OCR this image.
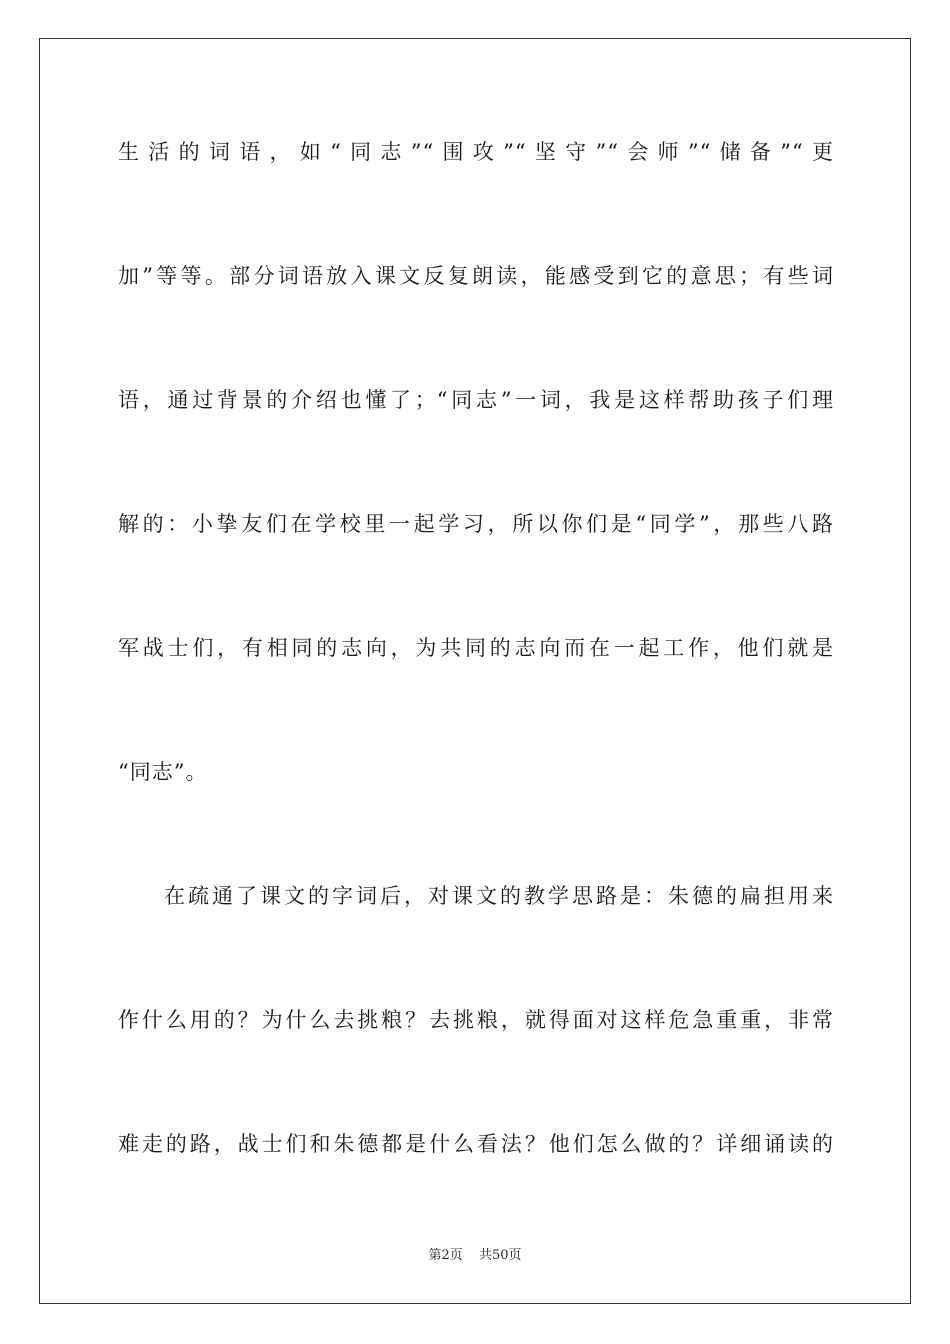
生活的词语，如“同志”“围攻”“坚守”“会师”“储备”“更
加”等等。部分词语放入课文反复朗读，能感受到它的意思；有些词
语，通过背景的介绍也懂了；“同志”一词，我是这样帮助孩子们理
解的：小挚友们在学校里一起学习，所以你们是“同学”，那些八路
军战士们，有相同的志向，为共同的志向而在一起工作，他们就是
“同志”。
在疏通了课文的字词后，对课文的教学思路是：朱德的扁担用来
作什么用的？为什么去挑粮？去挑粮，就得面对这样危急重重，非常
难走的路，战士们和朱德都是什么看法？他们怎么做的？详细诵读的
第2页 共50页
